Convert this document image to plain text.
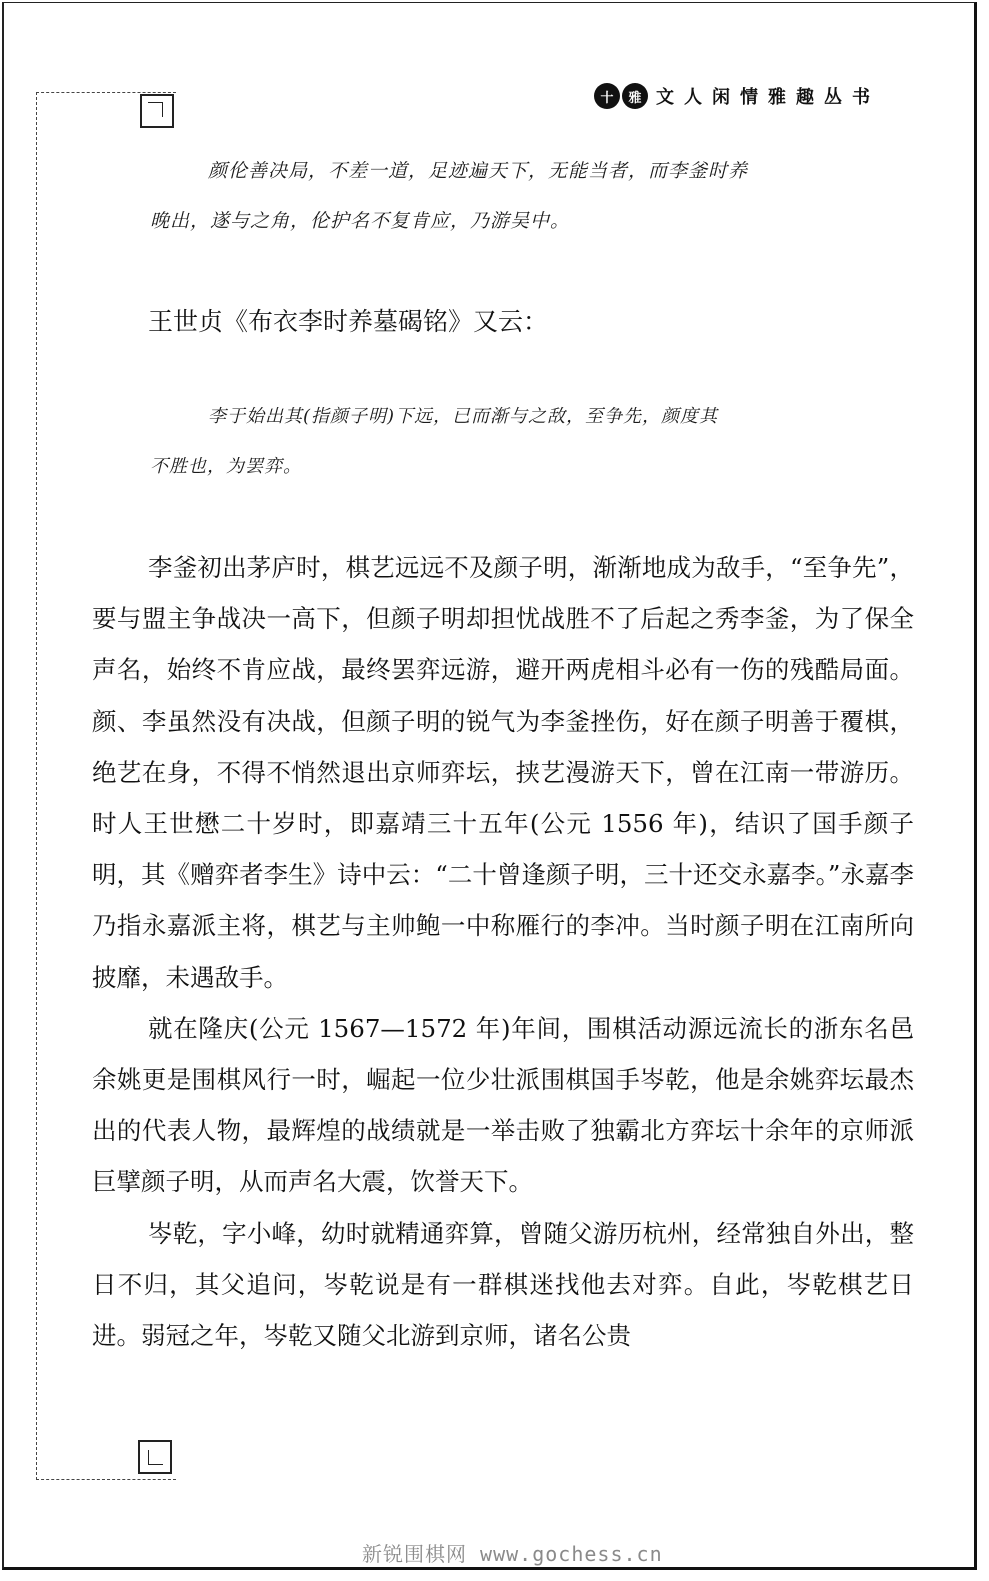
十 雅 文人闲情雅趣丛书
颜伦善决局，不差一道，足迹遍天下，无能当者，而李釜时养
晚出，遂与之角，伦护名不复肯应，乃游吴中。
王世贞《布衣李时养墓碣铭》又云：
李于始出其(指颜子明)下远，已而渐与之敌，至争先，颜度其
不胜也，为罢弈。

李釜初出茅庐时，棋艺远远不及颜子明，渐渐地成为敌手，“至争先”，要与盟主争战决一高下，但颜子明却担忧战胜不了后起之秀李釜，为了保全声名，始终不肯应战，最终罢弈远游，避开两虎相斗必有一伤的残酷局面。颜、李虽然没有决战，但颜子明的锐气为李釜挫伤，好在颜子明善于覆棋，绝艺在身，不得不悄然退出京师弈坛，挟艺漫游天下，曾在江南一带游历。时人王世懋二十岁时，即嘉靖三十五年(公元 1556 年)，结识了国手颜子明，其《赠弈者李生》诗中云：“二十曾逢颜子明，三十还交永嘉李。”永嘉李乃指永嘉派主将，棋艺与主帅鲍一中称雁行的李冲。当时颜子明在江南所向披靡，未遇敌手。

就在隆庆(公元 1567—1572 年)年间，围棋活动源远流长的浙东名邑余姚更是围棋风行一时，崛起一位少壮派围棋国手岑乾，他是余姚弈坛最杰出的代表人物，最辉煌的战绩就是一举击败了独霸北方弈坛十余年的京师派巨擘颜子明，从而声名大震，饮誉天下。

岑乾，字小峰，幼时就精通弈算，曾随父游历杭州，经常独自外出，整日不归，其父追问，岑乾说是有一群棋迷找他去对弈。自此，岑乾棋艺日进。弱冠之年，岑乾又随父北游到京师，诸名公贵

新锐围棋网 www.gochess.cn
